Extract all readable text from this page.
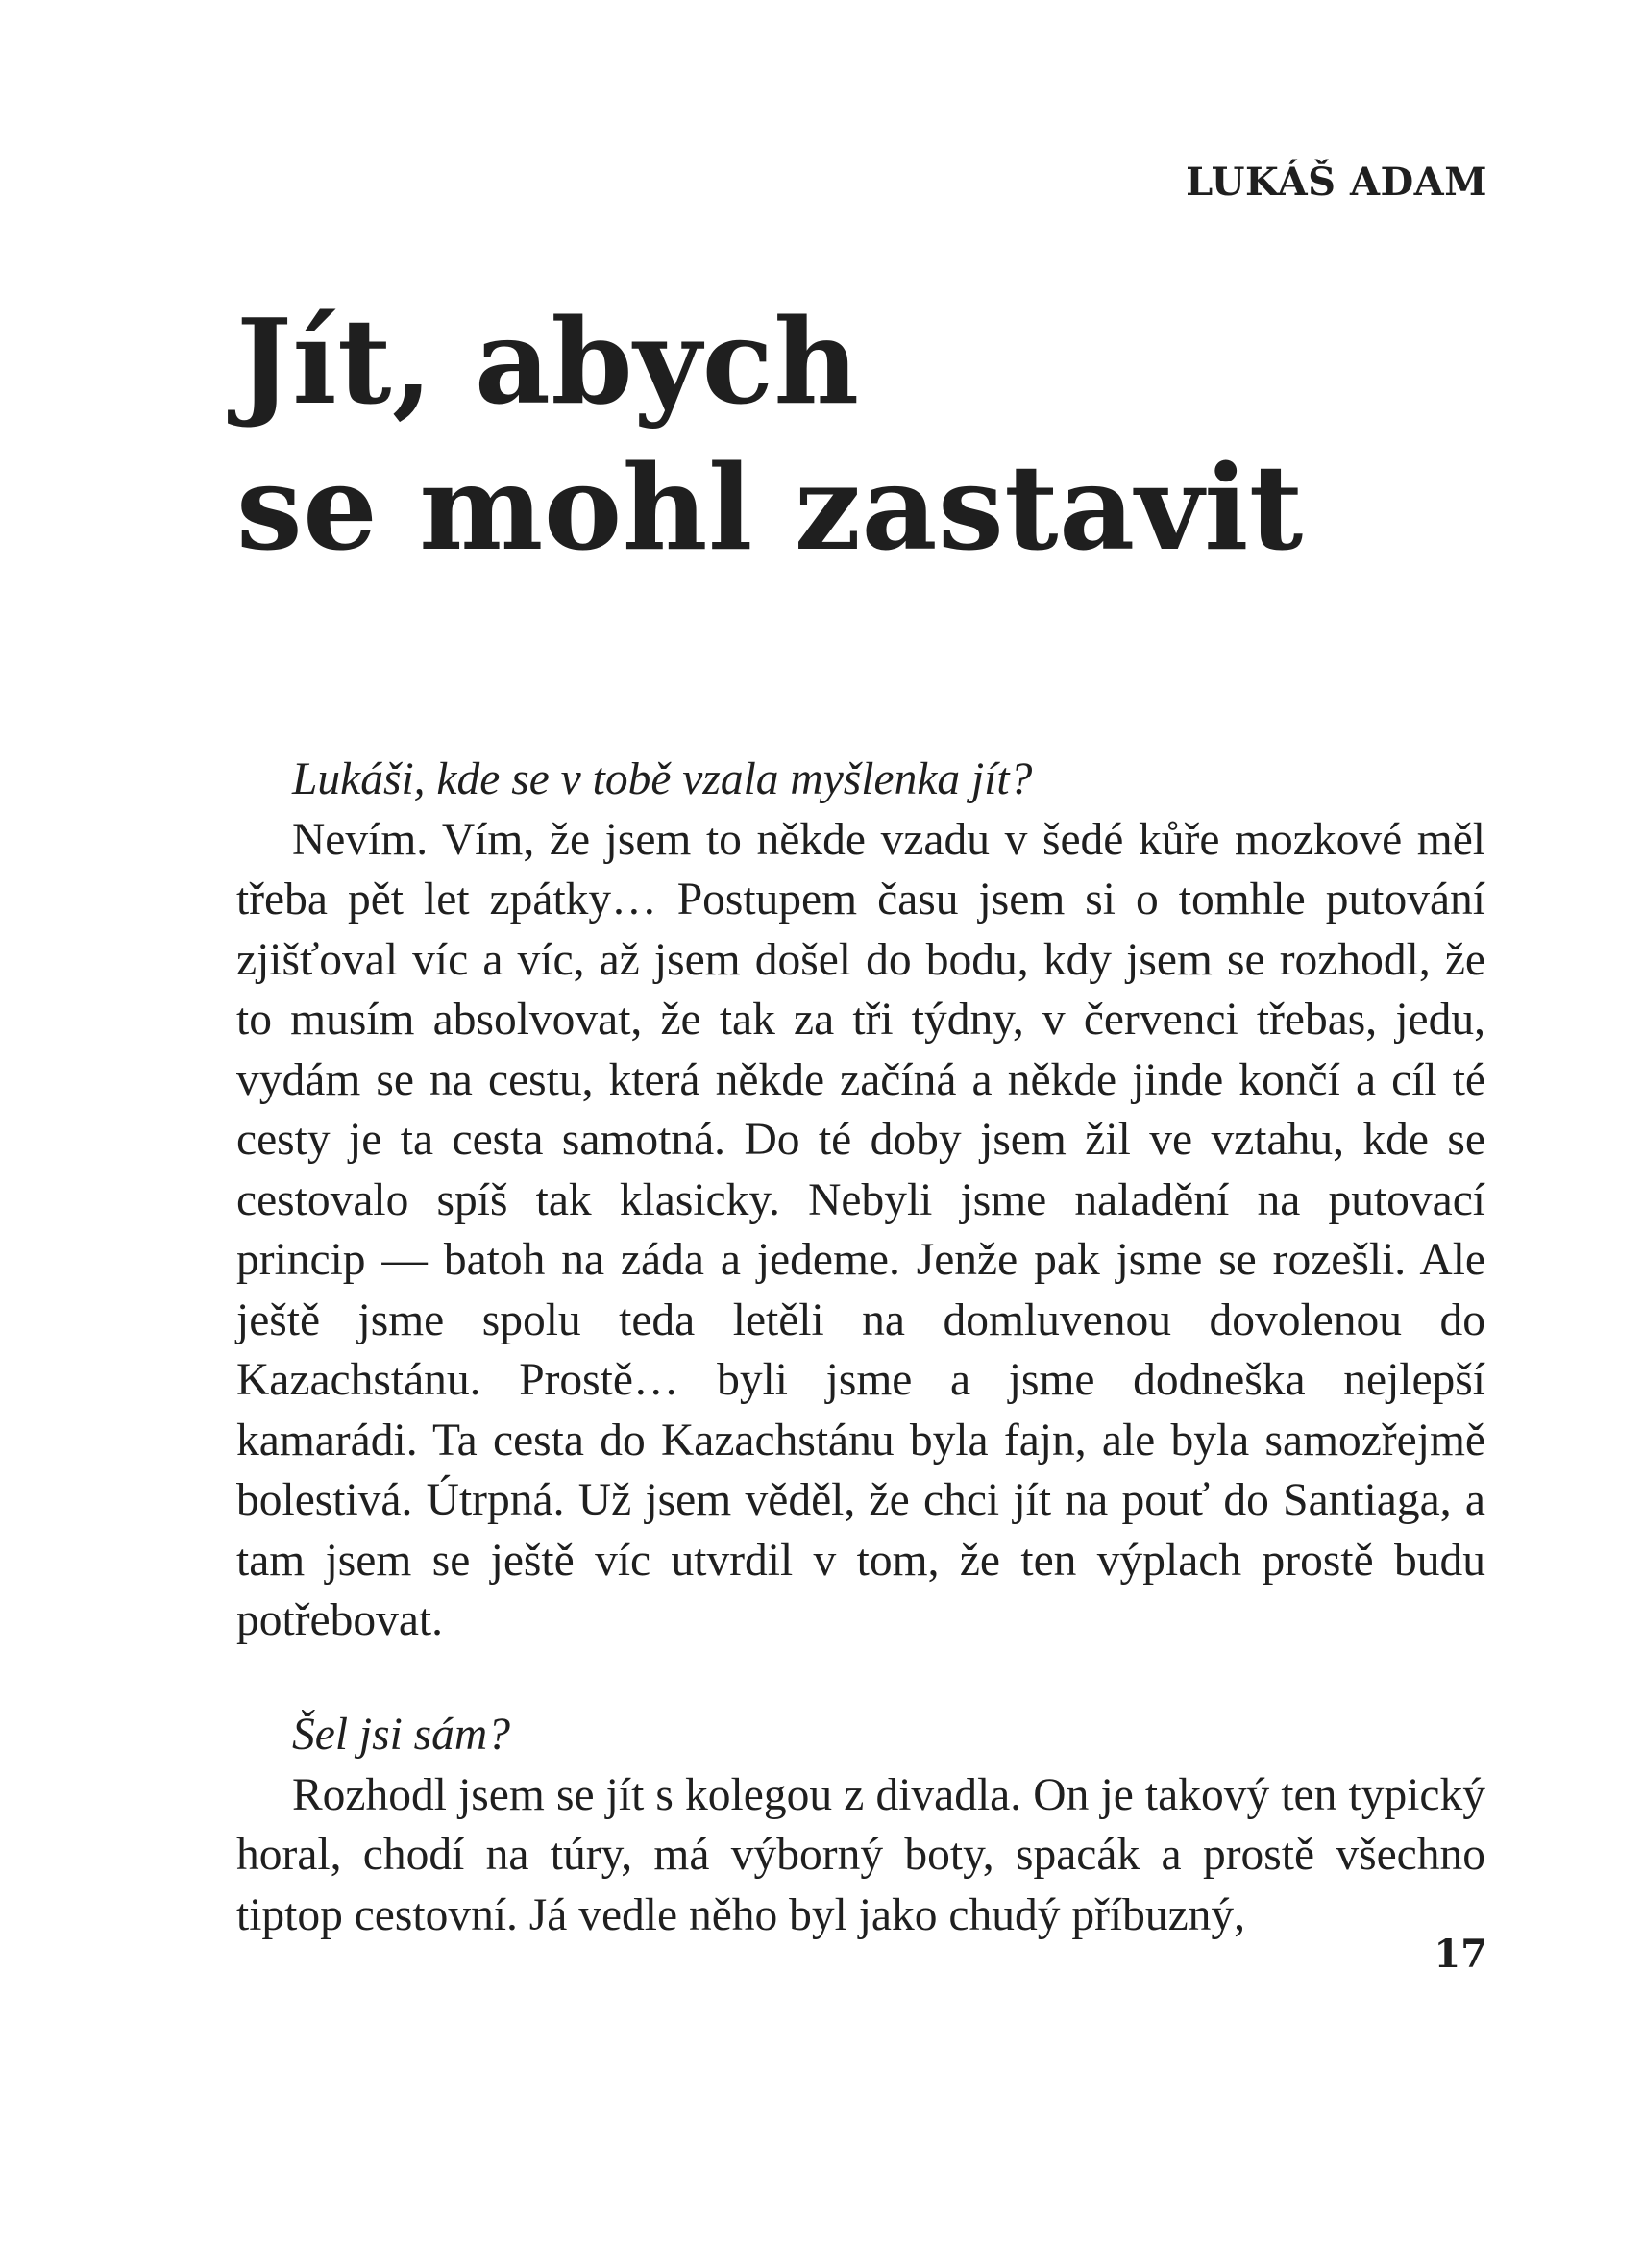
LUKÁŠ ADAM

Jít, abych
se mohl zastavit

Lukáši, kde se v tobě vzala myšlenka jít?

Nevím. Vím, že jsem to někde vzadu v šedé kůře mozkové měl třeba pět let zpátky… Postupem času jsem si o tomhle putování zjišťoval víc a víc, až jsem došel do bodu, kdy jsem se rozhodl, že to musím absolvovat, že tak za tři týdny, v červenci třebas, jedu, vydám se na cestu, která někde začíná a někde jinde končí a cíl té cesty je ta cesta samotná. Do té doby jsem žil ve vztahu, kde se cestovalo spíš tak klasicky. Nebyli jsme naladění na putovací princip — batoh na záda a jedeme. Jenže pak jsme se rozešli. Ale ještě jsme spolu teda letěli na domluvenou dovolenou do Kazachstánu. Prostě… byli jsme a jsme dodneška nejlepší kamarádi. Ta cesta do Kazachstánu byla fajn, ale byla samozřejmě bolestivá. Útrpná. Už jsem věděl, že chci jít na pouť do Santiaga, a tam jsem se ještě víc utvrdil v tom, že ten výplach prostě budu potřebovat.

Šel jsi sám?

Rozhodl jsem se jít s kolegou z divadla. On je takový ten typický horal, chodí na túry, má výborný boty, spacák a prostě všechno tiptop cestovní. Já vedle něho byl jako chudý příbuzný,

17
